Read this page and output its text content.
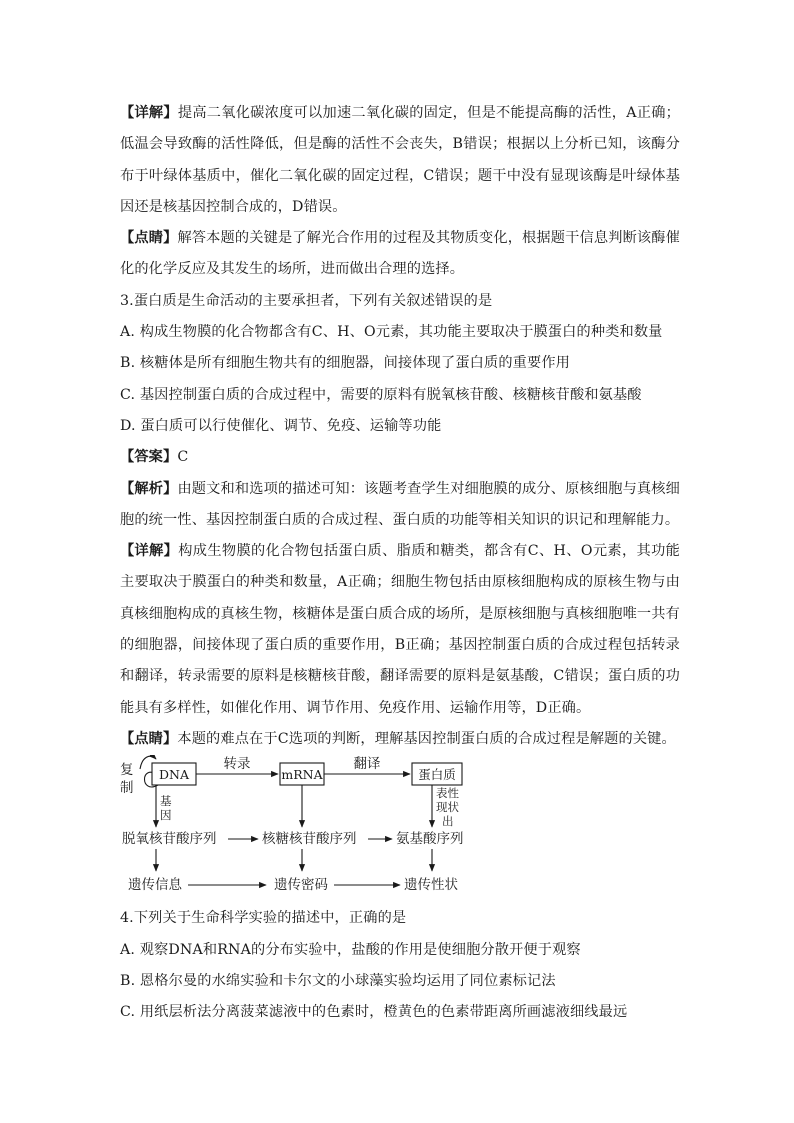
【详解】提高二氧化碳浓度可以加速二氧化碳的固定，但是不能提高酶的活性，A正确；低温会导致酶的活性降低，但是酶的活性不会丧失，B错误；根据以上分析已知，该酶分布于叶绿体基质中，催化二氧化碳的固定过程，C错误；题干中没有显现该酶是叶绿体基因还是核基因控制合成的，D错误。

【点睛】解答本题的关键是了解光合作用的过程及其物质变化，根据题干信息判断该酶催化的化学反应及其发生的场所，进而做出合理的选择。

3.蛋白质是生命活动的主要承担者，下列有关叙述错误的是

A. 构成生物膜的化合物都含有C、H、O元素，其功能主要取决于膜蛋白的种类和数量

B. 核糖体是所有细胞生物共有的细胞器，间接体现了蛋白质的重要作用

C. 基因控制蛋白质的合成过程中，需要的原料有脱氧核苷酸、核糖核苷酸和氨基酸

D. 蛋白质可以行使催化、调节、免疫、运输等功能

【答案】C

【解析】由题文和和选项的描述可知：该题考查学生对细胞膜的成分、原核细胞与真核细胞的统一性、基因控制蛋白质的合成过程、蛋白质的功能等相关知识的识记和理解能力。

【详解】构成生物膜的化合物包括蛋白质、脂质和糖类，都含有C、H、O元素，其功能主要取决于膜蛋白的种类和数量，A正确；细胞生物包括由原核细胞构成的原核生物与由真核细胞构成的真核生物，核糖体是蛋白质合成的场所，是原核细胞与真核细胞唯一共有的细胞器，间接体现了蛋白质的重要作用，B正确；基因控制蛋白质的合成过程包括转录和翻译，转录需要的原料是核糖核苷酸，翻译需要的原料是氨基酸，C错误；蛋白质的功能具有多样性，如催化作用、调节作用、免疫作用、运输作用等，D正确。

【点睛】本题的难点在于C选项的判断，理解基因控制蛋白质的合成过程是解题的关键。

复
制
DNA	mRNA	蛋白质
转录	翻译
基
因
表性
现状
出
脱氧核苷酸序列	核糖核苷酸序列	氨基酸序列
遗传信息	遗传密码	遗传性状

4.下列关于生命科学实验的描述中，正确的是

A. 观察DNA和RNA的分布实验中，盐酸的作用是使细胞分散开便于观察

B. 恩格尔曼的水绵实验和卡尔文的小球藻实验均运用了同位素标记法

C. 用纸层析法分离菠菜滤液中的色素时，橙黄色的色素带距离所画滤液细线最远
